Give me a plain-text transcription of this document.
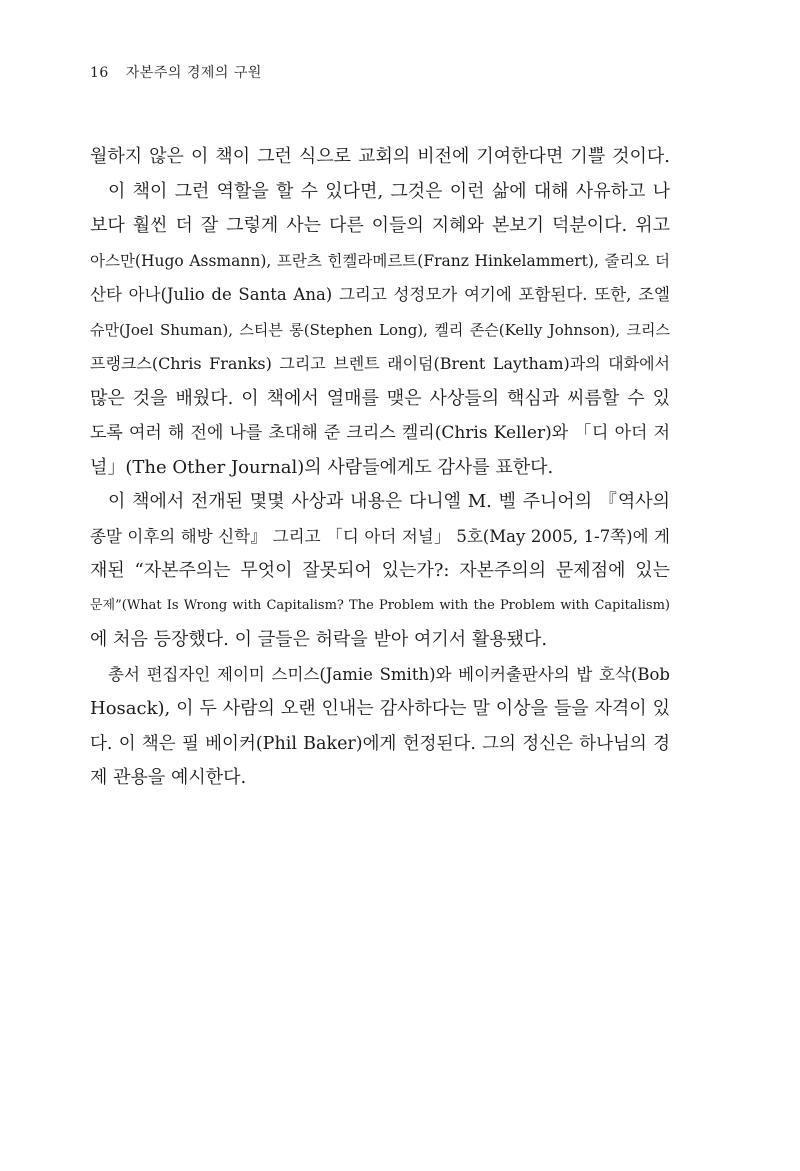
16 자본주의 경제의 구원
월하지 않은 이 책이 그런 식으로 교회의 비전에 기여한다면 기쁠 것이다.
이 책이 그런 역할을 할 수 있다면, 그것은 이런 삶에 대해 사유하고 나
보다 훨씬 더 잘 그렇게 사는 다른 이들의 지혜와 본보기 덕분이다. 위고
아스만(Hugo Assmann), 프란츠 힌켈라메르트(Franz Hinkelammert), 줄리오 더
산타 아나(Julio de Santa Ana) 그리고 성정모가 여기에 포함된다. 또한, 조엘
슈만(Joel Shuman), 스티븐 롱(Stephen Long), 켈리 존슨(Kelly Johnson), 크리스
프랭크스(Chris Franks) 그리고 브렌트 래이덤(Brent Laytham)과의 대화에서
많은 것을 배웠다. 이 책에서 열매를 맺은 사상들의 핵심과 씨름할 수 있
도록 여러 해 전에 나를 초대해 준 크리스 켈리(Chris Keller)와 「디 아더 저
널」(The Other Journal)의 사람들에게도 감사를 표한다.
이 책에서 전개된 몇몇 사상과 내용은 다니엘 M. 벨 주니어의 『역사의
종말 이후의 해방 신학』 그리고 「디 아더 저널」 5호(May 2005, 1-7쪽)에 게
재된 “자본주의는 무엇이 잘못되어 있는가?: 자본주의의 문제점에 있는
문제”(What Is Wrong with Capitalism? The Problem with the Problem with Capitalism)
에 처음 등장했다. 이 글들은 허락을 받아 여기서 활용됐다.
총서 편집자인 제이미 스미스(Jamie Smith)와 베이커출판사의 밥 호삭(Bob
Hosack), 이 두 사람의 오랜 인내는 감사하다는 말 이상을 들을 자격이 있
다. 이 책은 필 베이커(Phil Baker)에게 헌정된다. 그의 정신은 하나님의 경
제 관용을 예시한다.
